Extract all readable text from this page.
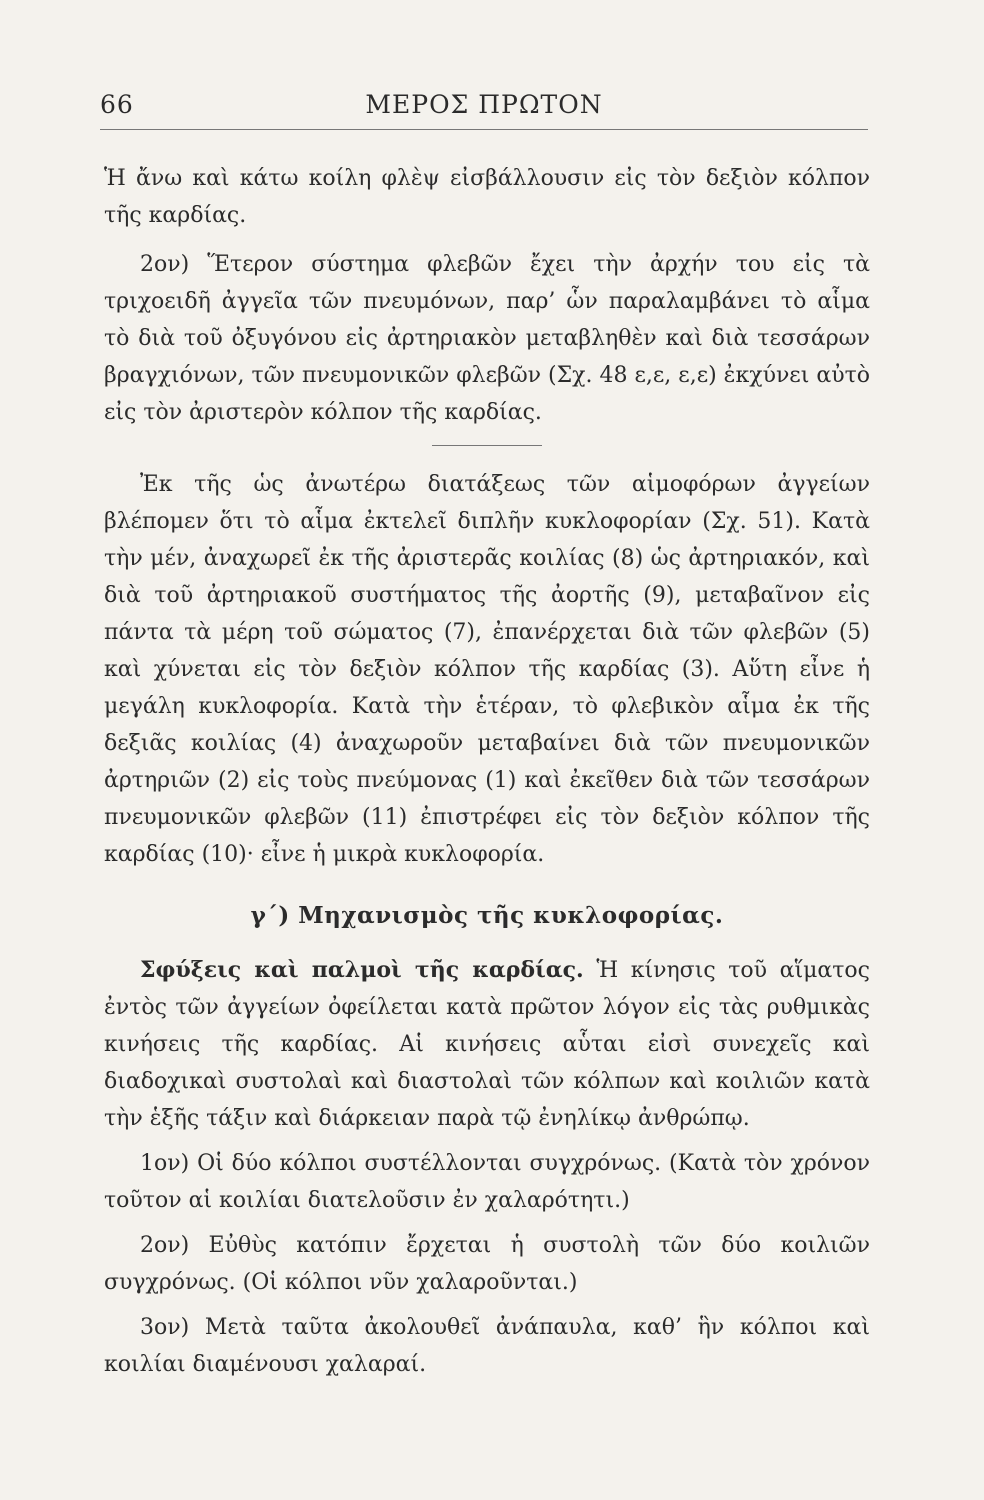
66	ΜΕΡΟΣ ΠΡΩΤΟΝ

Ἡ ἄνω καὶ κάτω κοίλη φλὲψ εἰσβάλλουσιν εἰς τὸν δεξιὸν κόλπον τῆς καρδίας.

2ον) Ἕτερον σύστημα φλεβῶν ἔχει τὴν ἀρχήν του εἰς τὰ τριχοειδῆ ἀγγεῖα τῶν πνευμόνων, παρ’ ὧν παραλαμβάνει τὸ αἷμα τὸ διὰ τοῦ ὀξυγόνου εἰς ἀρτηριακὸν μεταβληθὲν καὶ διὰ τεσσάρων βραγχιόνων, τῶν πνευμονικῶν φλεβῶν (Σχ. 48 ε,ε, ε,ε) ἐκχύνει αὐτὸ εἰς τὸν ἀριστερὸν κόλπον τῆς καρδίας.

Ἐκ τῆς ὡς ἀνωτέρω διατάξεως τῶν αἱμοφόρων ἀγγείων βλέπομεν ὅτι τὸ αἷμα ἐκτελεῖ διπλῆν κυκλοφορίαν (Σχ. 51). Κατὰ τὴν μέν, ἀναχωρεῖ ἐκ τῆς ἀριστερᾶς κοιλίας (8) ὡς ἀρτηριακόν, καὶ διὰ τοῦ ἀρτηριακοῦ συστήματος τῆς ἀορτῆς (9), μεταβαῖνον εἰς πάντα τὰ μέρη τοῦ σώματος (7), ἐπανέρχεται διὰ τῶν φλεβῶν (5) καὶ χύνεται εἰς τὸν δεξιὸν κόλπον τῆς καρδίας (3). Αὕτη εἶνε ἡ μεγάλη κυκλοφορία. Κατὰ τὴν ἑτέραν, τὸ φλεβικὸν αἷμα ἐκ τῆς δεξιᾶς κοιλίας (4) ἀναχωροῦν μεταβαίνει διὰ τῶν πνευμονικῶν ἀρτηριῶν (2) εἰς τοὺς πνεύμονας (1) καὶ ἐκεῖθεν διὰ τῶν τεσσάρων πνευμονικῶν φλεβῶν (11) ἐπιστρέφει εἰς τὸν δεξιὸν κόλπον τῆς καρδίας (10)· εἶνε ἡ μικρὰ κυκλοφορία.

γ΄) Μηχανισμὸς τῆς κυκλοφορίας.

Σφύξεις καὶ παλμοὶ τῆς καρδίας. Ἡ κίνησις τοῦ αἵματος ἐντὸς τῶν ἀγγείων ὀφείλεται κατὰ πρῶτον λόγον εἰς τὰς ρυθμικὰς κινήσεις τῆς καρδίας. Αἱ κινήσεις αὗται εἰσὶ συνεχεῖς καὶ διαδοχικαὶ συστολαὶ καὶ διαστολαὶ τῶν κόλπων καὶ κοιλιῶν κατὰ τὴν ἑξῆς τάξιν καὶ διάρκειαν παρὰ τῷ ἐνηλίκῳ ἀνθρώπῳ.

1ον) Οἱ δύο κόλποι συστέλλονται συγχρόνως. (Κατὰ τὸν χρόνον τοῦτον αἱ κοιλίαι διατελοῦσιν ἐν χαλαρότητι.)

2ον) Εὐθὺς κατόπιν ἔρχεται ἡ συστολὴ τῶν δύο κοιλιῶν συγχρόνως. (Οἱ κόλποι νῦν χαλαροῦνται.)

3ον) Μετὰ ταῦτα ἀκολουθεῖ ἀνάπαυλα, καθ’ ἣν κόλποι καὶ κοιλίαι διαμένουσι χαλαραί.
